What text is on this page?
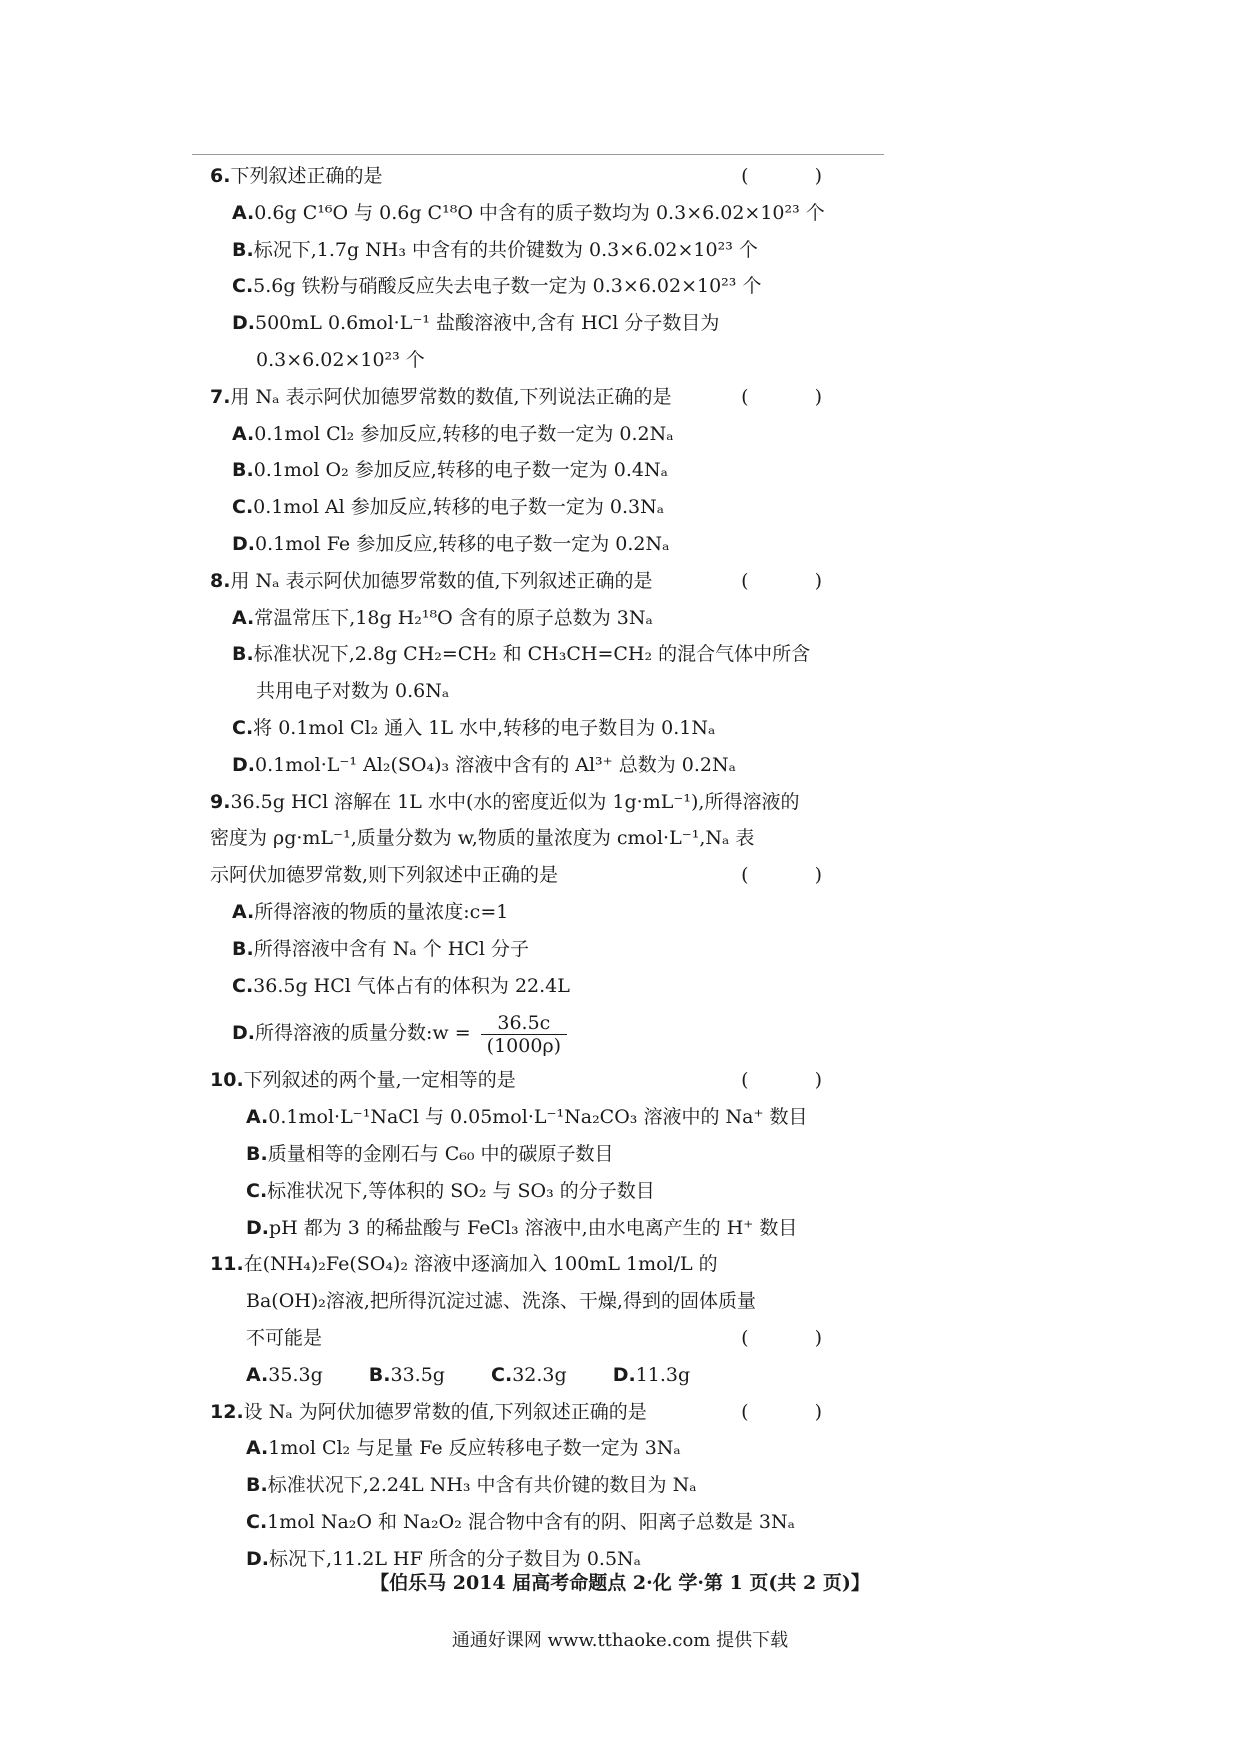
6.下列叙述正确的是	( )
A.0.6g C¹⁶O 与 0.6g C¹⁸O 中含有的质子数均为 0.3×6.02×10²³ 个
B.标况下,1.7g NH₃ 中含有的共价键数为 0.3×6.02×10²³ 个
C.5.6g 铁粉与硝酸反应失去电子数一定为 0.3×6.02×10²³ 个
D.500mL 0.6mol·L⁻¹ 盐酸溶液中,含有 HCl 分子数目为
0.3×6.02×10²³ 个
7.用 Nₐ 表示阿伏加德罗常数的数值,下列说法正确的是	( )
A.0.1mol Cl₂ 参加反应,转移的电子数一定为 0.2Nₐ
B.0.1mol O₂ 参加反应,转移的电子数一定为 0.4Nₐ
C.0.1mol Al 参加反应,转移的电子数一定为 0.3Nₐ
D.0.1mol Fe 参加反应,转移的电子数一定为 0.2Nₐ
8.用 Nₐ 表示阿伏加德罗常数的值,下列叙述正确的是	( )
A.常温常压下,18g H₂¹⁸O 含有的原子总数为 3Nₐ
B.标准状况下,2.8g CH₂=CH₂ 和 CH₃CH=CH₂ 的混合气体中所含
共用电子对数为 0.6Nₐ
C.将 0.1mol Cl₂ 通入 1L 水中,转移的电子数目为 0.1Nₐ
D.0.1mol·L⁻¹ Al₂(SO₄)₃ 溶液中含有的 Al³⁺ 总数为 0.2Nₐ
9.36.5g HCl 溶解在 1L 水中(水的密度近似为 1g·mL⁻¹),所得溶液的
密度为 ρg·mL⁻¹,质量分数为 w,物质的量浓度为 cmol·L⁻¹,Nₐ 表
示阿伏加德罗常数,则下列叙述中正确的是	( )
A.所得溶液的物质的量浓度:c=1
B.所得溶液中含有 Nₐ 个 HCl 分子
C.36.5g HCl 气体占有的体积为 22.4L
D.所得溶液的质量分数:w = $\frac{36.5c}{(1000\rho)}$
10.下列叙述的两个量,一定相等的是	( )
A.0.1mol·L⁻¹NaCl 与 0.05mol·L⁻¹Na₂CO₃ 溶液中的 Na⁺ 数目
B.质量相等的金刚石与 C₆₀ 中的碳原子数目
C.标准状况下,等体积的 SO₂ 与 SO₃ 的分子数目
D.pH 都为 3 的稀盐酸与 FeCl₃ 溶液中,由水电离产生的 H⁺ 数目
11.在(NH₄)₂Fe(SO₄)₂ 溶液中逐滴加入 100mL 1mol/L 的
Ba(OH)₂溶液,把所得沉淀过滤、洗涤、干燥,得到的固体质量
不可能是	( )
A.35.3g B.33.5g C.32.3g D.11.3g
12.设 Nₐ 为阿伏加德罗常数的值,下列叙述正确的是	( )
A.1mol Cl₂ 与足量 Fe 反应转移电子数一定为 3Nₐ
B.标准状况下,2.24L NH₃ 中含有共价键的数目为 Nₐ
C.1mol Na₂O 和 Na₂O₂ 混合物中含有的阴、阳离子总数是 3Nₐ
D.标况下,11.2L HF 所含的分子数目为 0.5Nₐ
【伯乐马 2014 届高考命题点 2·化 学·第 1 页(共 2 页)】
通通好课网 www.tthaoke.com 提供下载
